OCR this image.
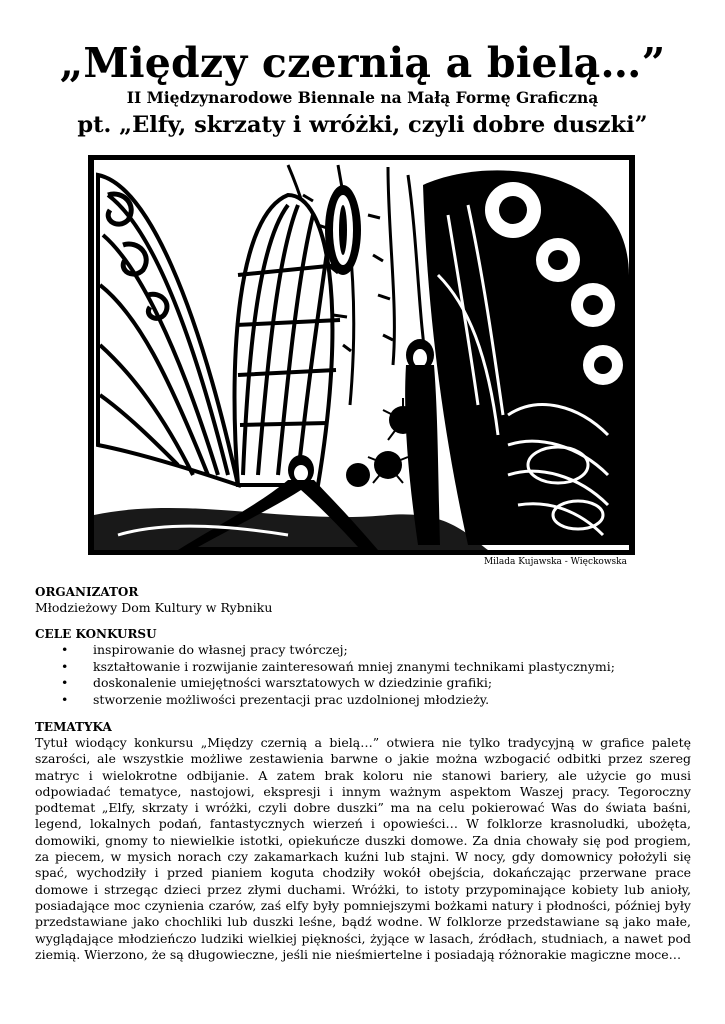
„Między czernią a bielą…”
II Międzynarodowe Biennale na Małą Formę Graficzną
pt. „Elfy, skrzaty i wróżki, czyli dobre duszki”
Milada Kujawska - Więckowska

ORGANIZATOR

Młodzieżowy Dom Kultury w Rybniku

CELE KONKURSU

• inspirowanie do własnej pracy twórczej;
• kształtowanie i rozwijanie zainteresowań mniej znanymi technikami plastycznymi;
• doskonalenie umiejętności warsztatowych w dziedzinie grafiki;
• stworzenie możliwości prezentacji prac uzdolnionej młodzieży.

TEMATYKA

Tytuł wiodący konkursu „Między czernią a bielą…” otwiera nie tylko tradycyjną w grafice paletę szarości, ale wszystkie możliwe zestawienia barwne o jakie można wzbogacić odbitki przez szereg matryc i wielokrotne odbijanie. A zatem brak koloru nie stanowi bariery, ale użycie go musi odpowiadać tematyce, nastojowi, ekspresji i innym ważnym aspektom Waszej pracy. Tegoroczny podtemat „Elfy, skrzaty i wróżki, czyli dobre duszki” ma na celu pokierować Was do świata baśni, legend, lokalnych podań, fantastycznych wierzeń i opowieści… W folklorze krasnoludki, ubożęta, domowiki, gnomy to niewielkie istotki, opiekuńcze duszki domowe. Za dnia chowały się pod progiem, za piecem, w mysich norach czy zakamarkach kuźni lub stajni. W nocy, gdy domownicy położyli się spać, wychodziły i przed pianiem koguta chodziły wokół obejścia, dokańczając przerwane prace domowe i strzegąc dzieci przez złymi duchami. Wróżki, to istoty przypominające kobiety lub anioły, posiadające moc czynienia czarów, zaś elfy były pomniejszymi bożkami natury i płodności, później były przedstawiane jako chochliki lub duszki leśne, bądź wodne. W folklorze przedstawiane są jako małe, wyglądające młodzieńczo ludziki wielkiej piękności, żyjące w lasach, źródłach, studniach, a nawet pod ziemią. Wierzono, że są długowieczne, jeśli nie nieśmiertelne i posiadają różnorakie magiczne moce…
